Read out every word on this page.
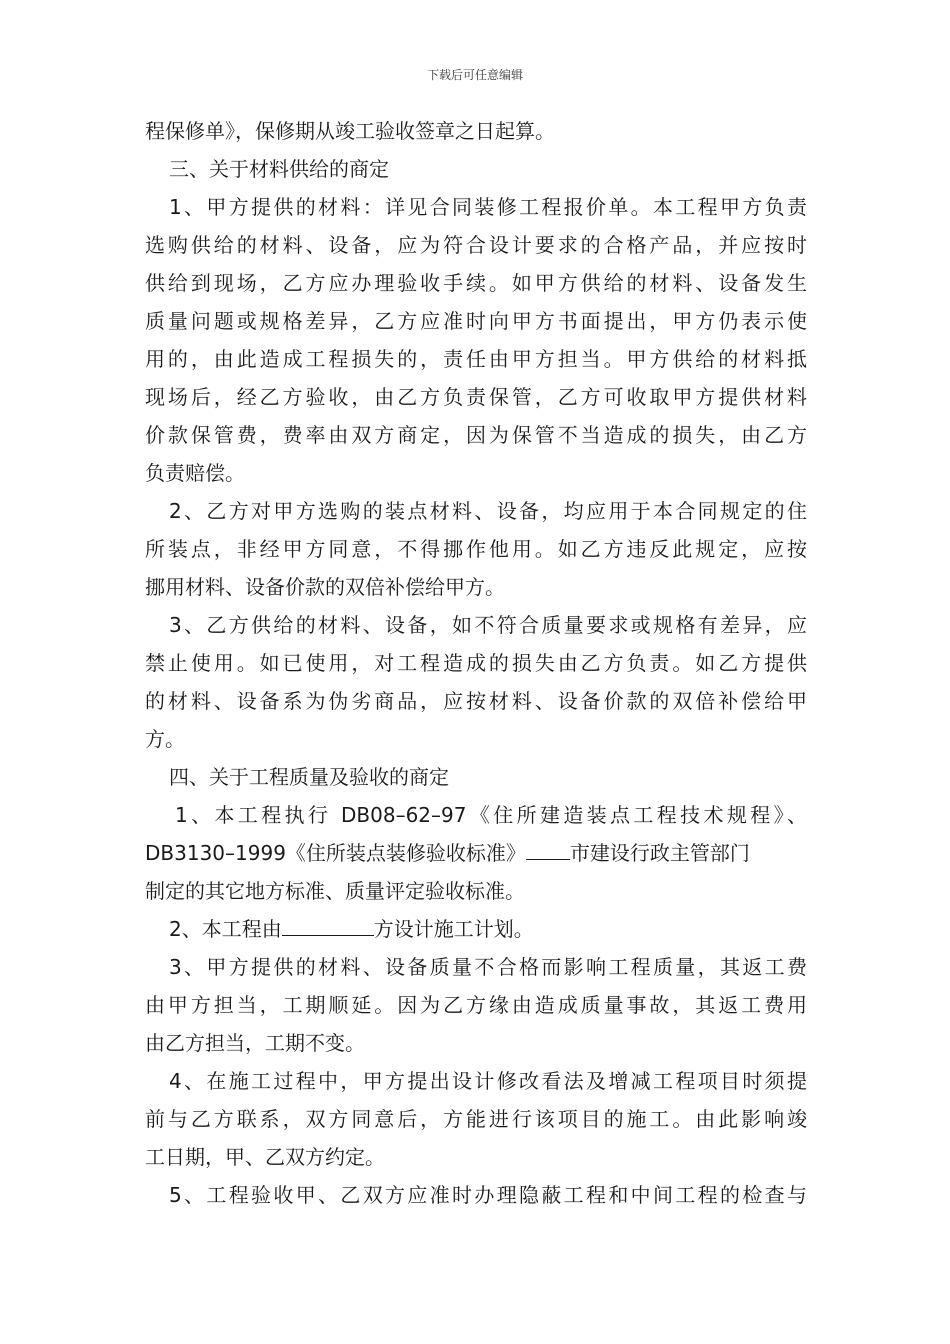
下载后可任意编辑
程保修单》，保修期从竣工验收签章之日起算。
三、关于材料供给的商定
1、甲方提供的材料：详见合同装修工程报价单。本工程甲方负责
选购供给的材料、设备，应为符合设计要求的合格产品，并应按时
供给到现场，乙方应办理验收手续。如甲方供给的材料、设备发生
质量问题或规格差异，乙方应准时向甲方书面提出，甲方仍表示使
用的，由此造成工程损失的，责任由甲方担当。甲方供给的材料抵
现场后，经乙方验收，由乙方负责保管，乙方可收取甲方提供材料
价款保管费，费率由双方商定，因为保管不当造成的损失，由乙方
负责赔偿。
2、乙方对甲方选购的装点材料、设备，均应用于本合同规定的住
所装点，非经甲方同意，不得挪作他用。如乙方违反此规定，应按
挪用材料、设备价款的双倍补偿给甲方。
3、乙方供给的材料、设备，如不符合质量要求或规格有差异，应
禁止使用。如已使用，对工程造成的损失由乙方负责。如乙方提供
的材料、设备系为伪劣商品，应按材料、设备价款的双倍补偿给甲
方。
四、关于工程质量及验收的商定
1、本工程执行 DB08–62–97《住所建造装点工程技术规程》、
DB3130–1999《住所装点装修验收标准》 市建设行政主管部门
制定的其它地方标准、质量评定验收标准。
2、本工程由	方设计施工计划。
3、甲方提供的材料、设备质量不合格而影响工程质量，其返工费
由甲方担当，工期顺延。因为乙方缘由造成质量事故，其返工费用
由乙方担当，工期不变。
4、在施工过程中，甲方提出设计修改看法及增减工程项目时须提
前与乙方联系，双方同意后，方能进行该项目的施工。由此影响竣
工日期，甲、乙双方约定。
5、工程验收甲、乙双方应准时办理隐蔽工程和中间工程的检查与
